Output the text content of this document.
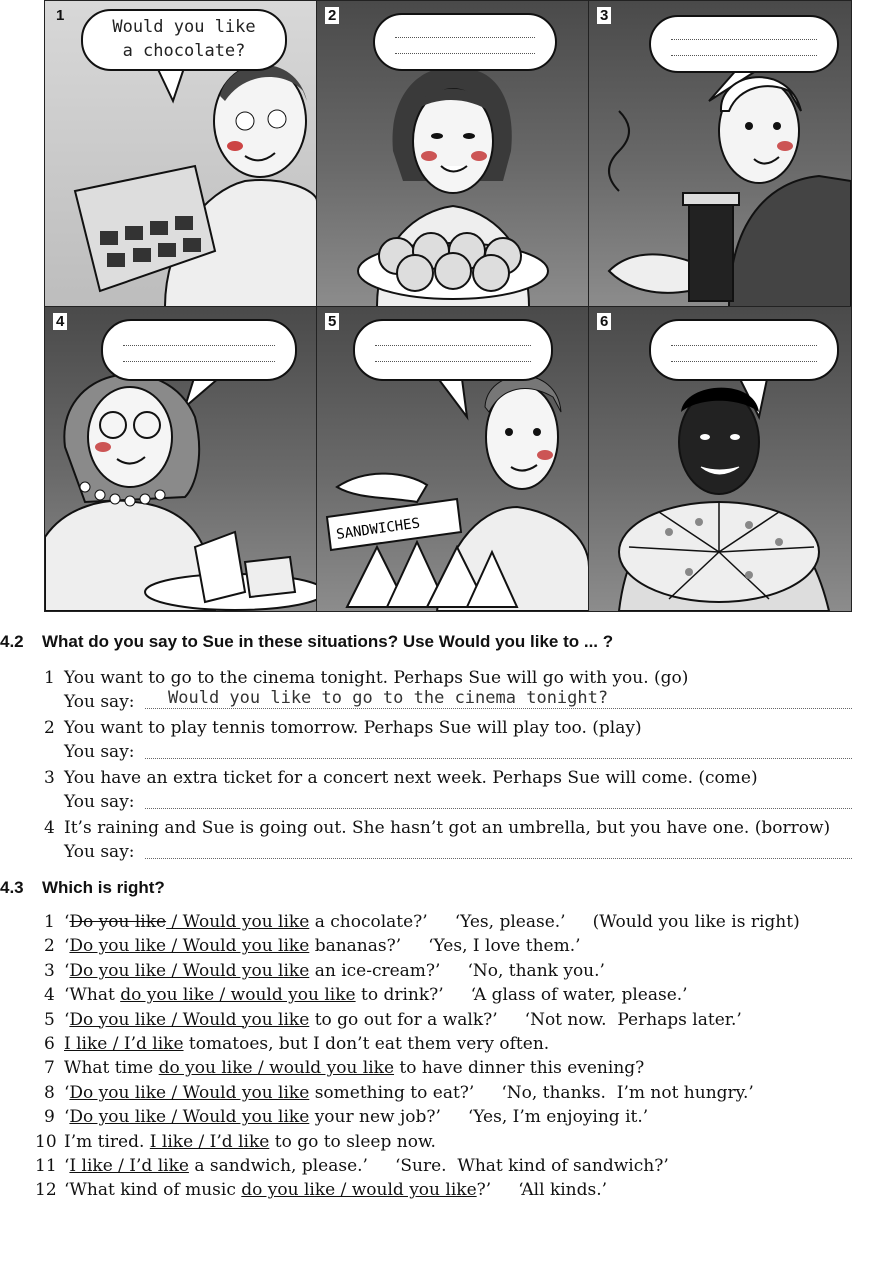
1
Would you like
a chocolate?
2	3
4	5
SANDWICHES
6
4.2 What do you say to Sue in these situations? Use Would you like to ... ?
1 You want to go to the cinema tonight. Perhaps Sue will go with you. (go)
You say: Would you like to go to the cinema tonight?
2 You want to play tennis tomorrow. Perhaps Sue will play too. (play)
You say:
3 You have an extra ticket for a concert next week. Perhaps Sue will come. (come)
You say:
4 It’s raining and Sue is going out. She hasn’t got an umbrella, but you have one. (borrow)
You say:
4.3 Which is right?
1 ‘Do you like / Would you like a chocolate?’     ‘Yes, please.’     (Would you like is right)
2 ‘Do you like / Would you like bananas?’     ‘Yes, I love them.’
3 ‘Do you like / Would you like an ice-cream?’     ‘No, thank you.’
4 ‘What do you like / would you like to drink?’     ‘A glass of water, please.’
5 ‘Do you like / Would you like to go out for a walk?’     ‘Not now.  Perhaps later.’
6 I like / I’d like tomatoes, but I don’t eat them very often.
7 What time do you like / would you like to have dinner this evening?
8 ‘Do you like / Would you like something to eat?’     ‘No, thanks.  I’m not hungry.’
9 ‘Do you like / Would you like your new job?’     ‘Yes, I’m enjoying it.’
10 I’m tired. I like / I’d like to go to sleep now.
11 ‘I like / I’d like a sandwich, please.’     ‘Sure.  What kind of sandwich?’
12 ‘What kind of music do you like / would you like?’     ‘All kinds.’
